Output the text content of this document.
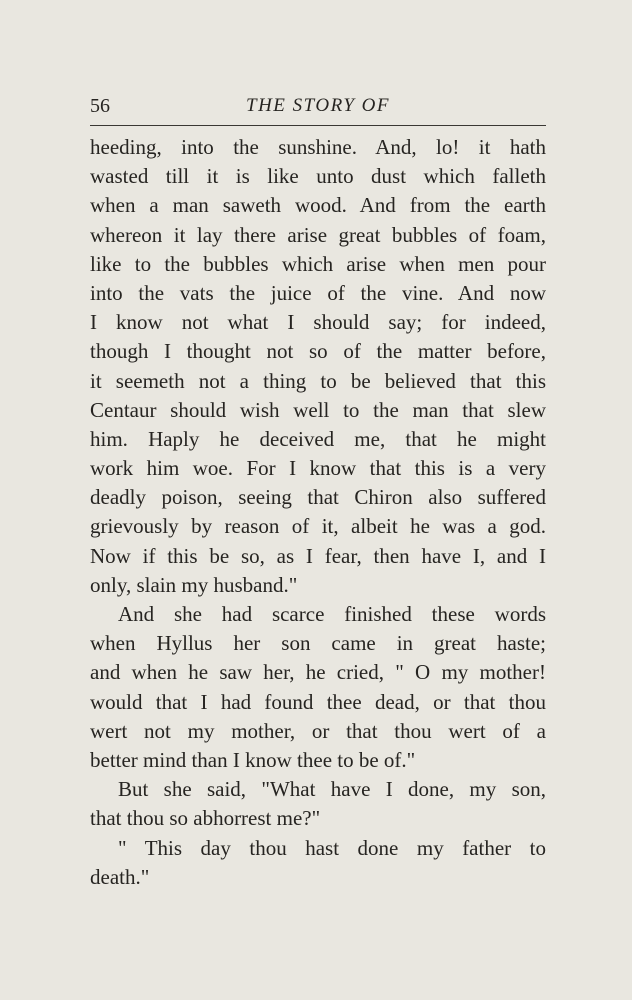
56	THE STORY OF
heeding, into the sunshine. And, lo! it hath
wasted till it is like unto dust which falleth
when a man saweth wood. And from the earth
whereon it lay there arise great bubbles of foam,
like to the bubbles which arise when men pour
into the vats the juice of the vine. And now
I know not what I should say; for indeed,
though I thought not so of the matter before,
it seemeth not a thing to be believed that this
Centaur should wish well to the man that slew
him. Haply he deceived me, that he might
work him woe. For I know that this is a very
deadly poison, seeing that Chiron also suffered
grievously by reason of it, albeit he was a god.
Now if this be so, as I fear, then have I, and I
only, slain my husband."
And she had scarce finished these words
when Hyllus her son came in great haste;
and when he saw her, he cried, " O my mother!
would that I had found thee dead, or that thou
wert not my mother, or that thou wert of a
better mind than I know thee to be of."
But she said, "What have I done, my son,
that thou so abhorrest me?"
" This day thou hast done my father to
death."
